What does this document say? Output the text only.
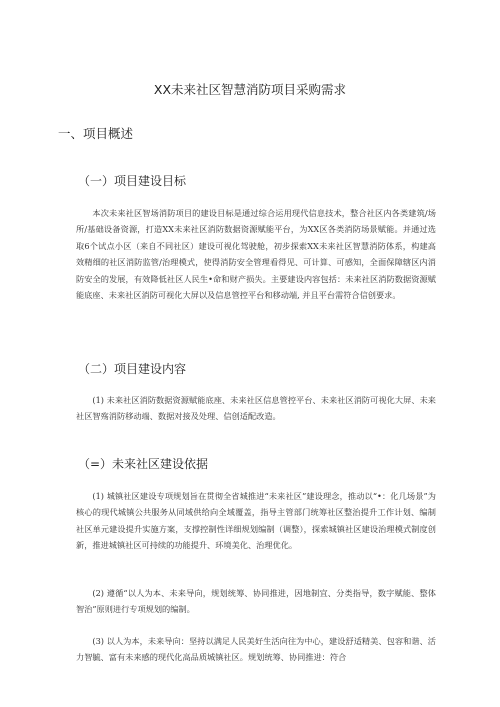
XX未来社区智慧消防项目采购需求
一、项目概述
（一）项目建设目标

本次未来社区智场消防项目的建设目标是通过综合运用现代信息技术，整合社区内各类建筑/场所/基础设备资源，打造XX未来社区消防数据资源赋能平台，为XX区各类消防场景赋能。并通过选取6个试点小区（来自不同社区）建设可视化驾驶舱，初步探索XX未来社区智慧消防体系，构建高效精细的社区消防监管/治理模式，使得消防安全管理看得见、可计算、可感知，全面保障辖区内消防安全的发展，有效降低社区人民生•命和财产损失。主要建设内容包括：未来社区消防数据资源赋能底座、未来社区消防可视化大屏以及信息管控平台和移动端, 并且平台需符合信创要求。

（二）项目建设内容

(1) 未来社区消防数据资源赋能底座、未来社区信息管控平台、未来社区消防可视化大屏、未来社区智殇消防移动端、数据对接及处理、信创适配改造。

（=）未来社区建设依据

(1) 城镇社区建设专项规划旨在贯彻全省城推进“未来社区”建设理念，推动以“•：化几场景”为核心的现代城镇公共服务从同域供给向全域覆盖，指导主管部门统筹社区整治提升工作计划、编制社区单元建设提升实施方案，支撑控制性详细规划编制（调整），探索城镇社区建设治理模式制度创新，推进城镇社区可持续的功能提升、环境美化、治理优化。

(2) 遵循“以人为本、未来导向，规划统筹、协同推进，因地制宜、分类指导，数字赋能、整体智治”原则进行专项规划的编制。

(3) 以人为本，未来导向：坚持以满足人民美好生活向往为中心，建设舒适精美、包容和谐、活力智毓、富有未来感的现代化高品质城镇社区。规划统筹、协同推进：符合
